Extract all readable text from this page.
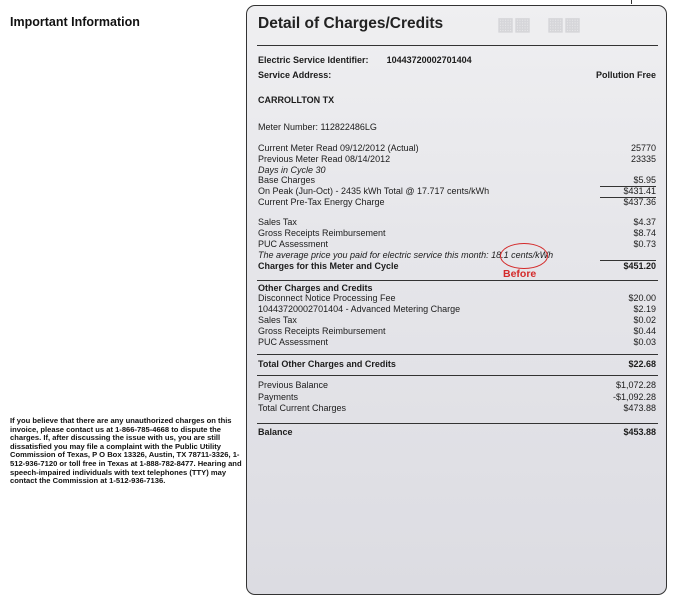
Important Information
If you believe that there are any unauthorized charges on this invoice, please contact us at 1-866-785-4668 to dispute the charges. If, after discussing the issue with us, you are still dissatisfied you may file a complaint with the Public Utility Commission of Texas, P O Box 13326, Austin, TX 78711-3326, 1-512-936-7120 or toll free in Texas at 1-888-782-8477. Hearing and speech-impaired individuals with text telephones (TTY) may contact the Commission at 1-512-936-7136.
▦▦ ▦▦
Detail of Charges/Credits
Electric Service Identifier: 10443720002701404
Service Address:	Pollution Free
CARROLLTON TX
Meter Number: 112822486LG
Current Meter Read 09/12/2012 (Actual)	25770
Previous Meter Read 08/14/2012	23335
Days in Cycle 30
Base Charges	$5.95
On Peak (Jun-Oct) - 2435 kWh Total @ 17.717 cents/kWh	$431.41
Current Pre-Tax Energy Charge	$437.36
Sales Tax	$4.37
Gross Receipts Reimbursement	$8.74
PUC Assessment	$0.73
The average price you paid for electric service this month: 18.1 cents/kWh
Charges for this Meter and Cycle	$451.20
Before
Other Charges and Credits
Disconnect Notice Processing Fee	$20.00
10443720002701404 - Advanced Metering Charge	$2.19
Sales Tax	$0.02
Gross Receipts Reimbursement	$0.44
PUC Assessment	$0.03
Total Other Charges and Credits	$22.68
Previous Balance	$1,072.28
Payments	-$1,092.28
Total Current Charges	$473.88
Balance	$453.88
